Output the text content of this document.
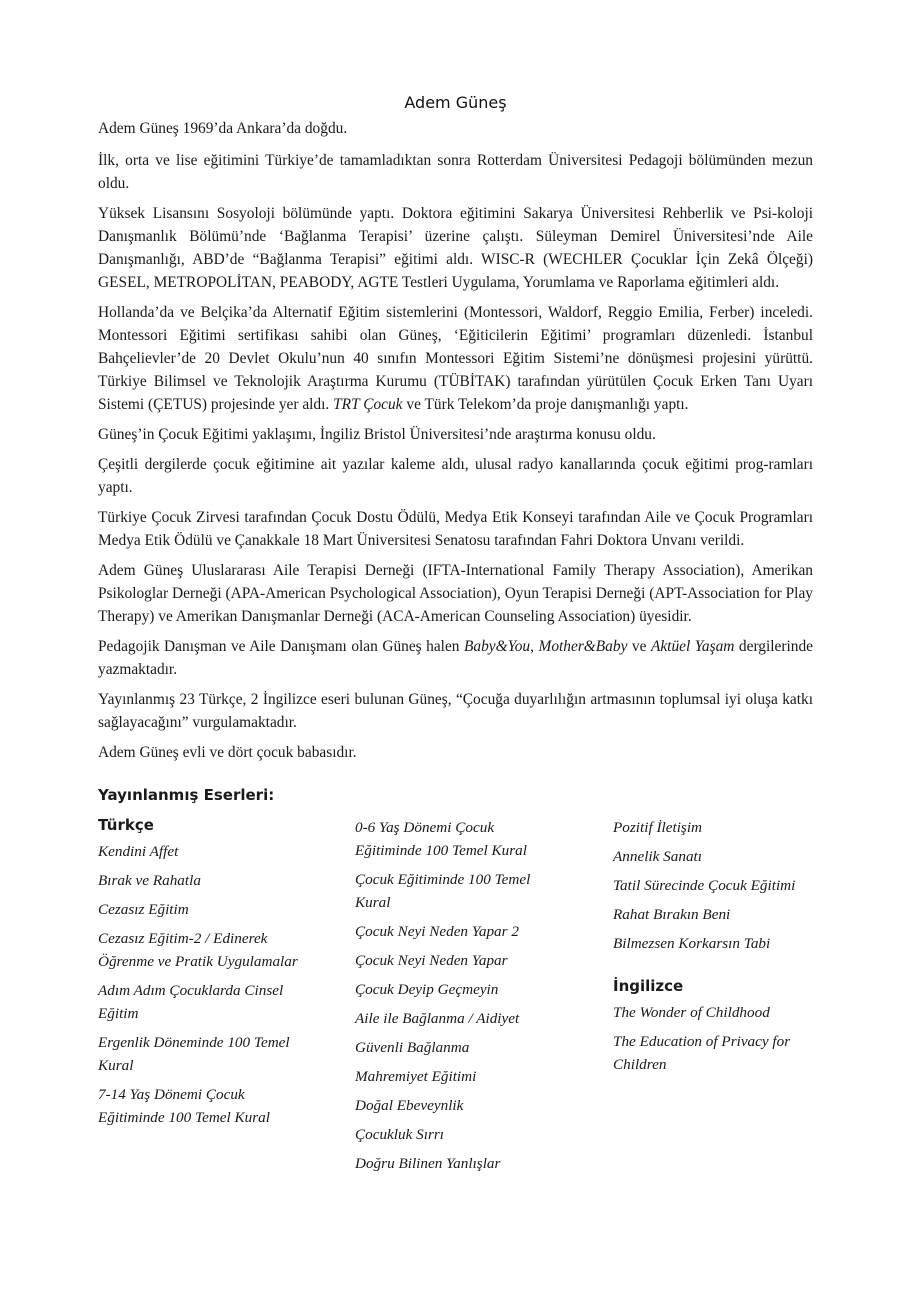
Adem Güneş

Adem Güneş 1969’da Ankara’da doğdu.

İlk, orta ve lise eğitimini Türkiye’de tamamladıktan sonra Rotterdam Üniversitesi Pedagoji bölümünden mezun oldu.

Yüksek Lisansını Sosyoloji bölümünde yaptı. Doktora eğitimini Sakarya Üniversitesi Rehberlik ve Psi-koloji Danışmanlık Bölümü’nde ‘Bağlanma Terapisi’ üzerine çalıştı. Süleyman Demirel Üniversitesi’nde Aile Danışmanlığı, ABD’de “Bağlanma Terapisi” eğitimi aldı. WISC-R (WECHLER Çocuklar İçin Zekâ Ölçeği) GESEL, METROPOLİTAN, PEABODY, AGTE Testleri Uygulama, Yorumlama ve Raporlama eğitimleri aldı.

Hollanda’da ve Belçika’da Alternatif Eğitim sistemlerini (Montessori, Waldorf, Reggio Emilia, Ferber) inceledi. Montessori Eğitimi sertifikası sahibi olan Güneş, ‘Eğiticilerin Eğitimi’ programları düzenledi. İstanbul Bahçelievler’de 20 Devlet Okulu’nun 40 sınıfın Montessori Eğitim Sistemi’ne dönüşmesi projesini yürüttü. Türkiye Bilimsel ve Teknolojik Araştırma Kurumu (TÜBİTAK) tarafından yürütülen Çocuk Erken Tanı Uyarı Sistemi (ÇETUS) projesinde yer aldı. TRT Çocuk ve Türk Telekom’da proje danışmanlığı yaptı.

Güneş’in Çocuk Eğitimi yaklaşımı, İngiliz Bristol Üniversitesi’nde araştırma konusu oldu.

Çeşitli dergilerde çocuk eğitimine ait yazılar kaleme aldı, ulusal radyo kanallarında çocuk eğitimi prog-ramları yaptı.

Türkiye Çocuk Zirvesi tarafından Çocuk Dostu Ödülü, Medya Etik Konseyi tarafından Aile ve Çocuk Programları Medya Etik Ödülü ve Çanakkale 18 Mart Üniversitesi Senatosu tarafından Fahri Doktora Unvanı verildi.

Adem Güneş Uluslararası Aile Terapisi Derneği (IFTA-International Family Therapy Association), Amerikan Psikologlar Derneği (APA-American Psychological Association), Oyun Terapisi Derneği (APT-Association for Play Therapy) ve Amerikan Danışmanlar Derneği (ACA-American Counseling Association) üyesidir.

Pedagojik Danışman ve Aile Danışmanı olan Güneş halen Baby&You, Mother&Baby ve Aktüel Yaşam dergilerinde yazmaktadır.

Yayınlanmış 23 Türkçe, 2 İngilizce eseri bulunan Güneş, “Çocuğa duyarlılığın artmasının toplumsal iyi oluşa katkı sağlayacağını” vurgulamaktadır.

Adem Güneş evli ve dört çocuk babasıdır.

Yayınlanmış Eserleri:
Türkçe
Kendini Affet
Bırak ve Rahatla
Cezasız Eğitim
Cezasız Eğitim-2 / Edinerek Öğrenme ve Pratik Uygulamalar
Adım Adım Çocuklarda Cinsel Eğitim
Ergenlik Döneminde 100 Temel Kural
7-14 Yaş Dönemi Çocuk Eğitiminde 100 Temel Kural
0-6 Yaş Dönemi Çocuk Eğitiminde 100 Temel Kural
Çocuk Eğitiminde 100 Temel Kural
Çocuk Neyi Neden Yapar 2
Çocuk Neyi Neden Yapar
Çocuk Deyip Geçmeyin
Aile ile Bağlanma / Aidiyet
Güvenli Bağlanma
Mahremiyet Eğitimi
Doğal Ebeveynlik
Çocukluk Sırrı
Doğru Bilinen Yanlışlar
Pozitif İletişim
Annelik Sanatı
Tatil Sürecinde Çocuk Eğitimi
Rahat Bırakın Beni
Bilmezsen Korkarsın Tabi
İngilizce
The Wonder of Childhood
The Education of Privacy for Children
